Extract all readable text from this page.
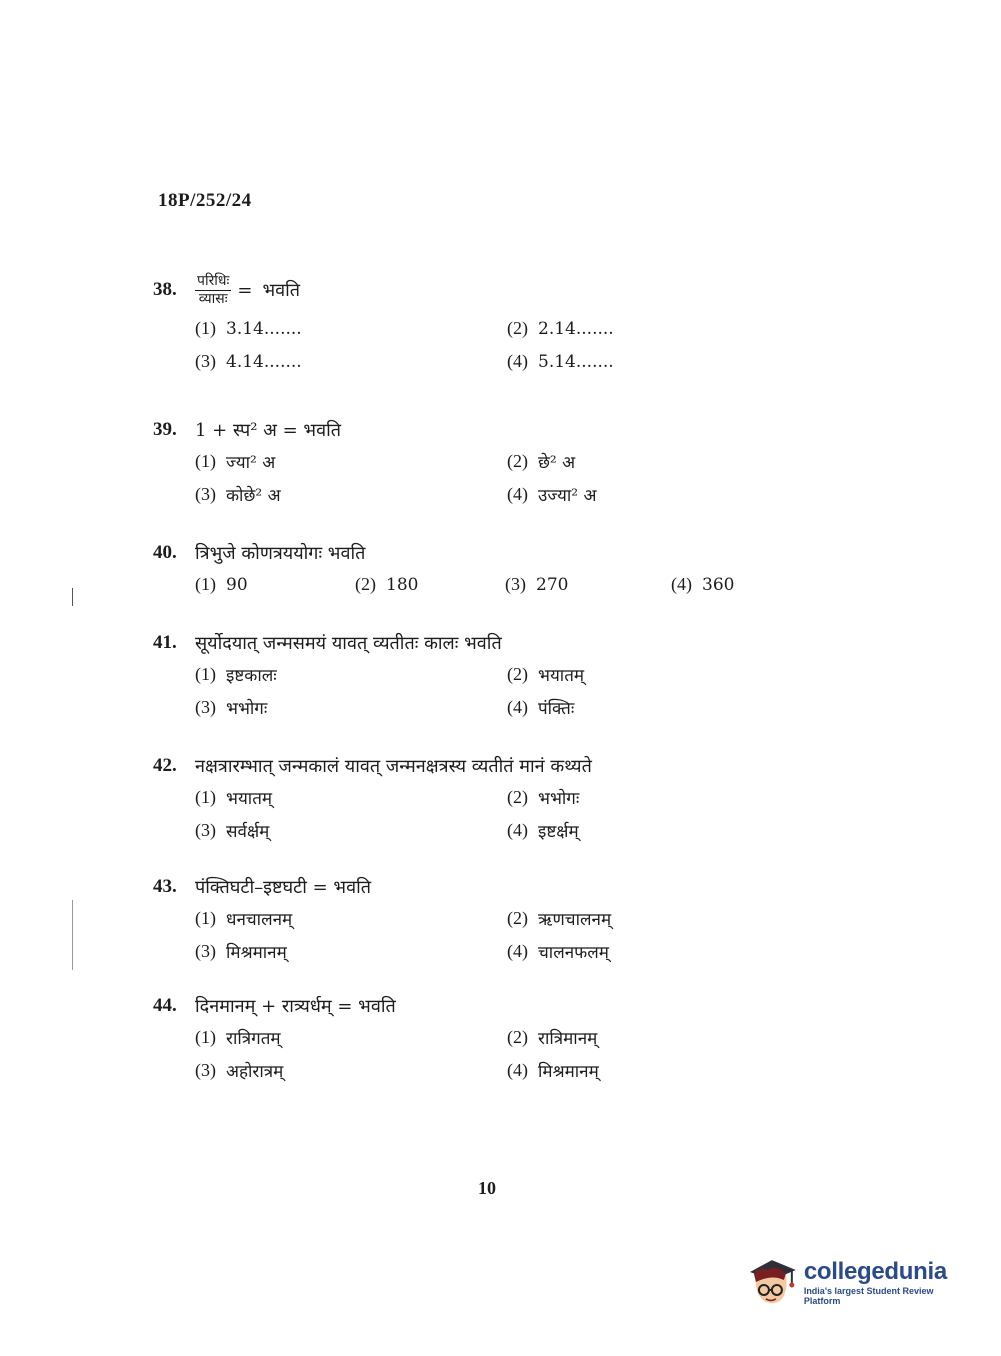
18P/252/24
38.	$\frac{\text{परिधिः}}{\text{व्यासः}}$ = भवति
(1) 3.14.......	(2) 2.14.......
(3) 4.14.......	(4) 5.14.......
39.	1 + स्प² अ = भवति
(1) ज्या² अ	(2) छे² अ
(3) कोछे² अ	(4) उज्या² अ
40.	त्रिभुजे कोणत्रययोगः भवति
(1) 90	(2) 180	(3) 270	(4) 360
41.	सूर्योदयात् जन्मसमयं यावत् व्यतीतः कालः भवति
(1) इष्टकालः	(2) भयातम्
(3) भभोगः	(4) पंक्तिः
42.	नक्षत्रारम्भात् जन्मकालं यावत् जन्मनक्षत्रस्य व्यतीतं मानं कथ्यते
(1) भयातम्	(2) भभोगः
(3) सर्वर्क्षम्	(4) इष्टर्क्षम्
43.	पंक्तिघटी–इष्टघटी = भवति
(1) धनचालनम्	(2) ऋणचालनम्
(3) मिश्रमानम्	(4) चालनफलम्
44.	दिनमानम् + रात्र्यर्धम् = भवति
(1) रात्रिगतम्	(2) रात्रिमानम्
(3) अहोरात्रम्	(4) मिश्रमानम्
10
collegedunia
India's largest Student Review Platform
